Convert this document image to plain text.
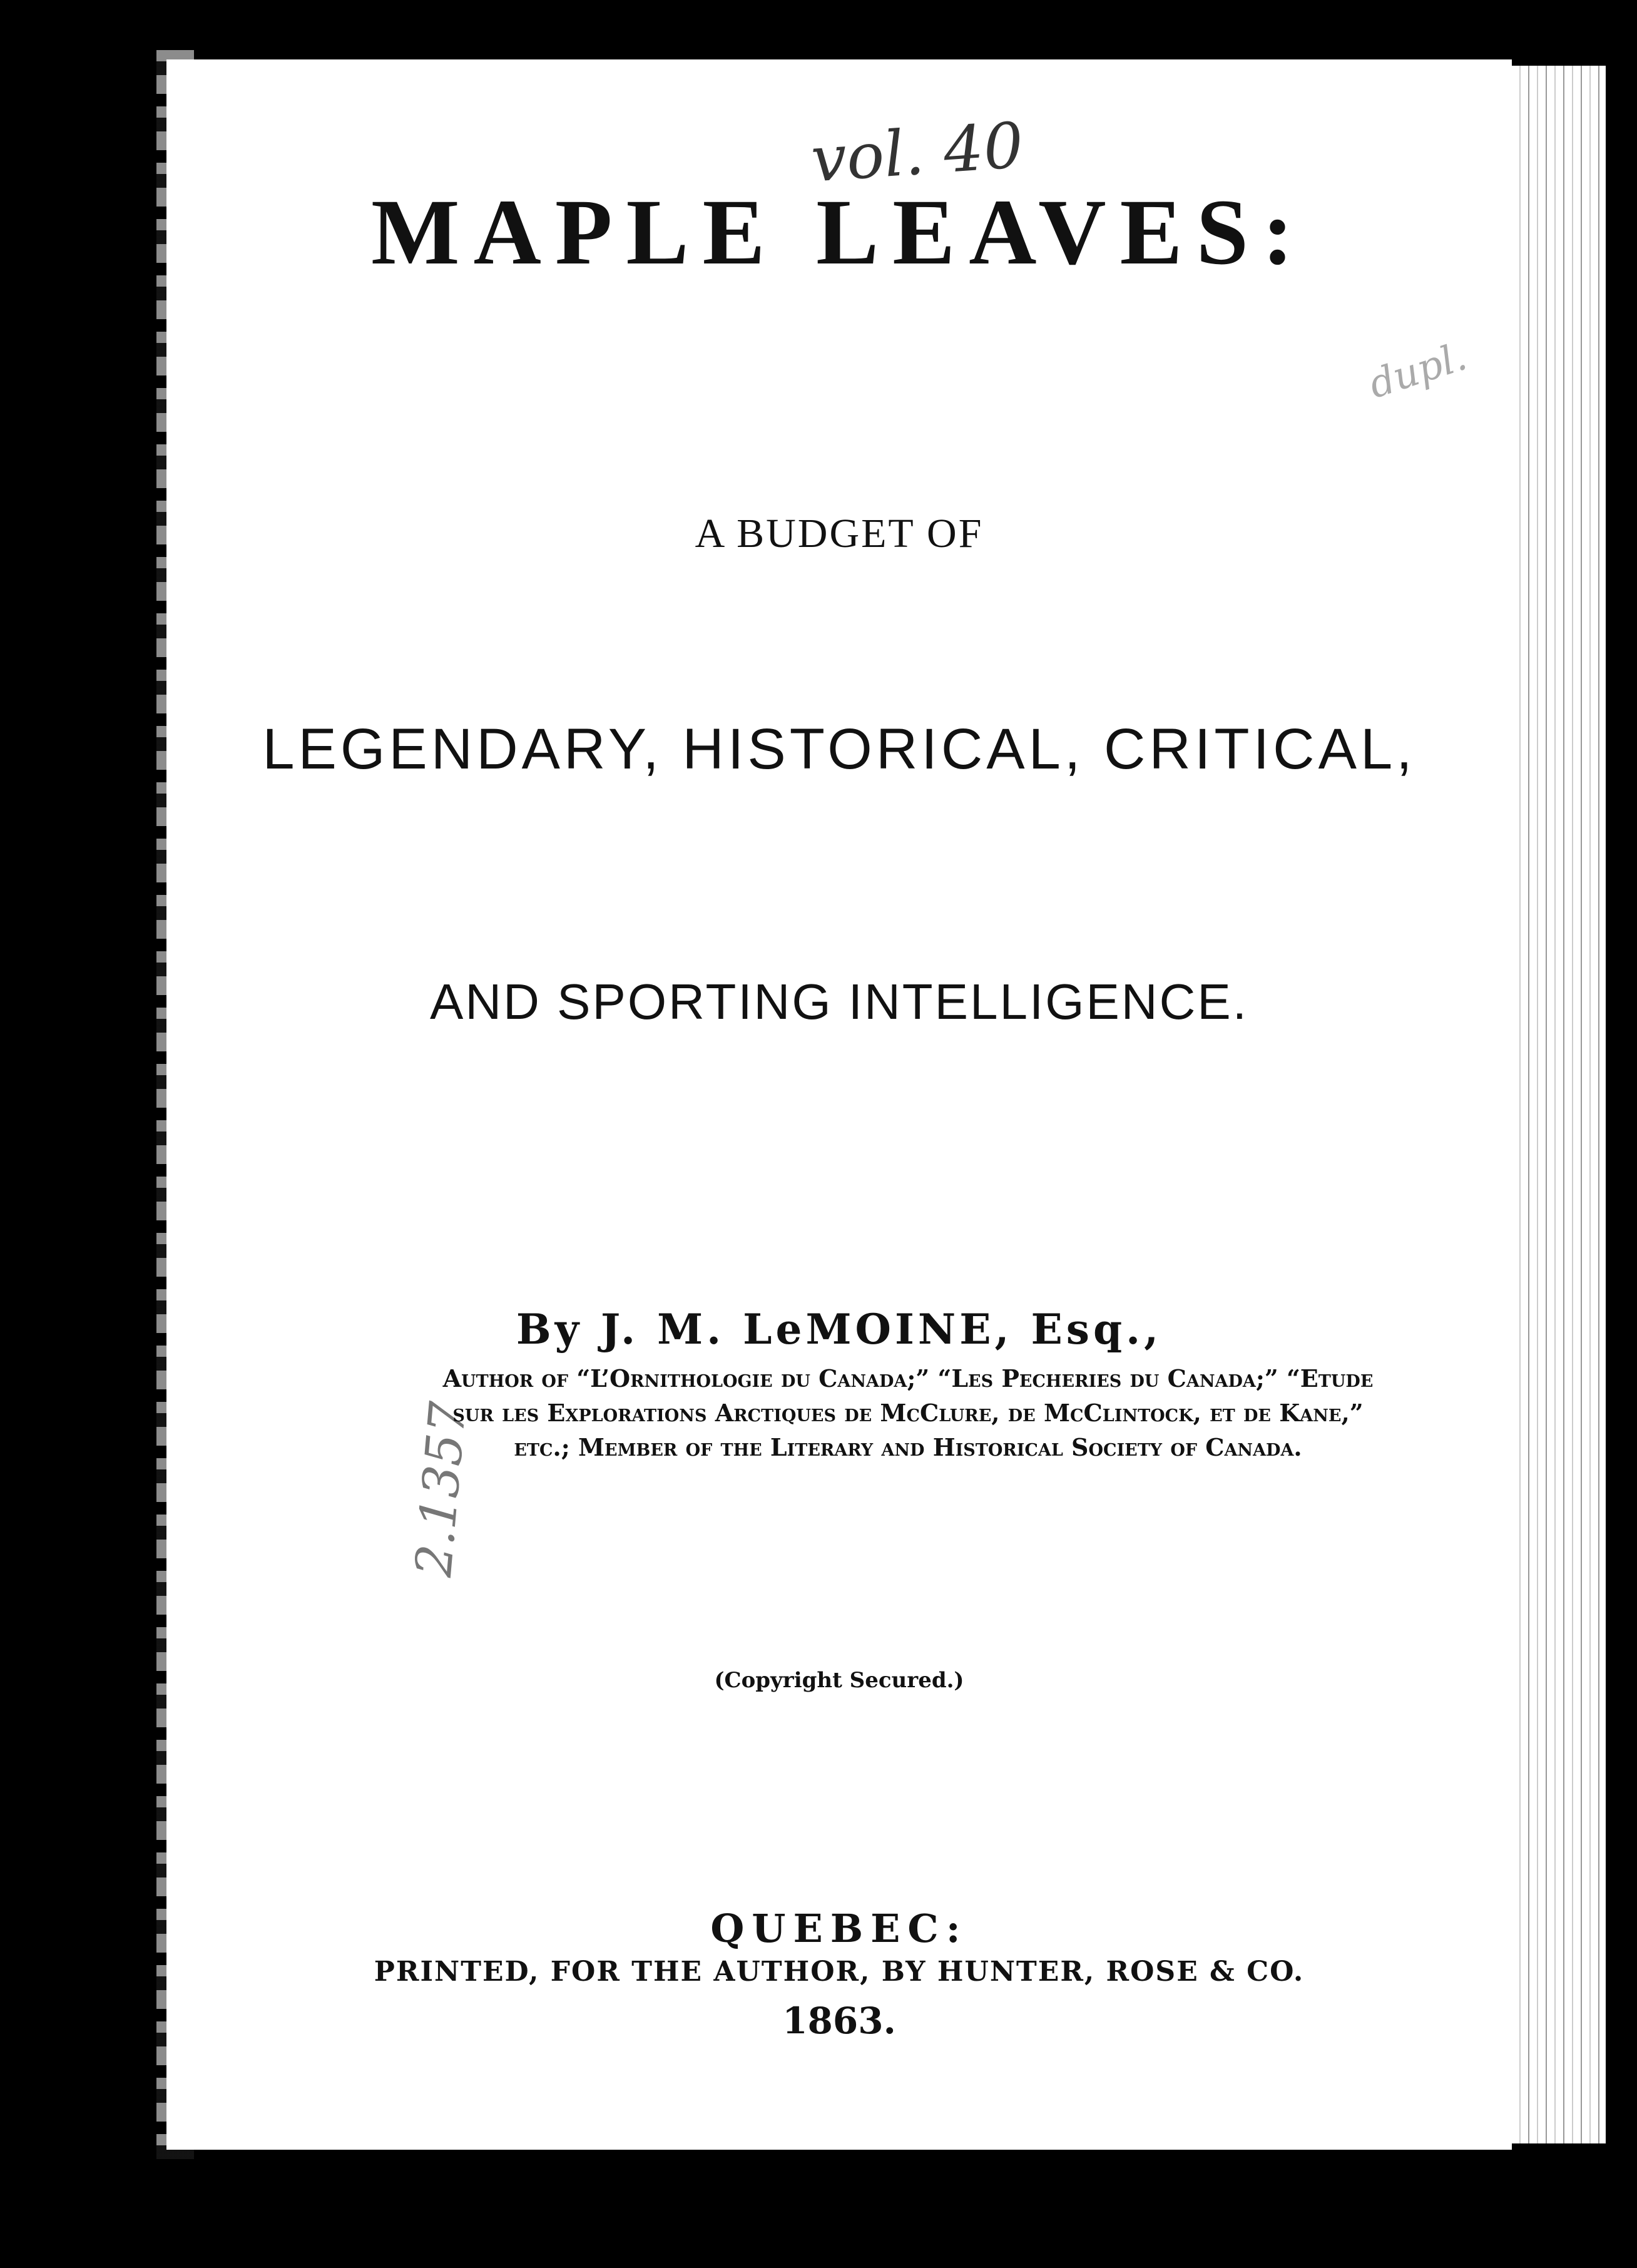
vol. 40
dupl.
2.1357
MAPLE LEAVES:
A BUDGET OF
LEGENDARY, HISTORICAL, CRITICAL,
AND SPORTING INTELLIGENCE.
By J. M. LeMOINE, Esq.,
Author of “L’Ornithologie du Canada;” “Les Pecheries du Canada;” “Etude
sur les Explorations Arctiques de McClure, de McClintock, et de Kane,”
etc.; Member of the Literary and Historical Society of Canada.
(Copyright Secured.)
QUEBEC:
PRINTED, FOR THE AUTHOR, BY HUNTER, ROSE & CO.
1863.
